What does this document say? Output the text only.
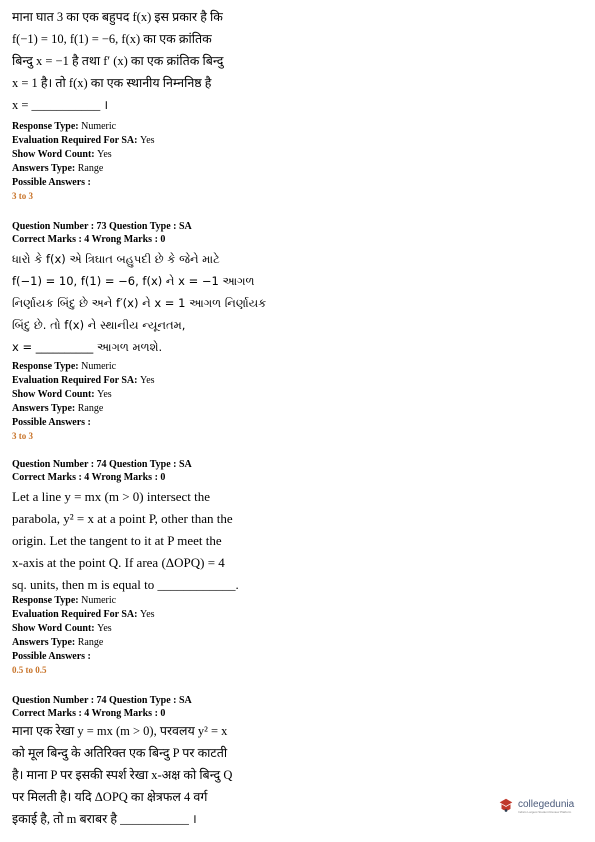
माना घात 3 का एक बहुपद f(x) इस प्रकार है कि
f(−1) = 10, f(1) = −6, f(x) का एक क्रांतिक
बिन्दु x = −1 है तथा f′ (x) का एक क्रांतिक बिन्दु
x = 1 है। तो f(x) का एक स्थानीय निम्ननिष्ठ है
x = ___________ ।
Response Type: Numeric
Evaluation Required For SA: Yes
Show Word Count: Yes
Answers Type: Range
Possible Answers :
3 to 3
Question Number : 73 Question Type : SA
Correct Marks : 4 Wrong Marks : 0
ધારો કે f(x) એ ત્રિઘાત બહુપદી છે કે જેને માટે
f(−1) = 10, f(1) = −6, f(x) ને x = −1 આગળ
નિર્ણાયક બિંદુ છે અને f′(x) ને x = 1 આગળ નિર્ણાયક
બિંદુ છે. તો f(x) ને સ્થાનીય ન્યૂનતમ,
x = __________ આગળ મળશે.
Response Type: Numeric
Evaluation Required For SA: Yes
Show Word Count: Yes
Answers Type: Range
Possible Answers :
3 to 3
Question Number : 74 Question Type : SA
Correct Marks : 4 Wrong Marks : 0
Let a line y = mx (m > 0) intersect the
parabola, y² = x at a point P, other than the
origin. Let the tangent to it at P meet the
x-axis at the point Q. If area (ΔOPQ) = 4
sq. units, then m is equal to ____________.
Response Type: Numeric
Evaluation Required For SA: Yes
Show Word Count: Yes
Answers Type: Range
Possible Answers :
0.5 to 0.5
Question Number : 74 Question Type : SA
Correct Marks : 4 Wrong Marks : 0
माना एक रेखा y = mx (m > 0), परवलय y² = x
को मूल बिन्दु के अतिरिक्त एक बिन्दु P पर काटती
है। माना P पर इसकी स्पर्श रेखा x-अक्ष को बिन्दु Q
पर मिलती है। यदि ΔOPQ का क्षेत्रफल 4 वर्ग
इकाई है, तो m बराबर है ___________ ।
collegedunia
India's Largest Student Review Platform
